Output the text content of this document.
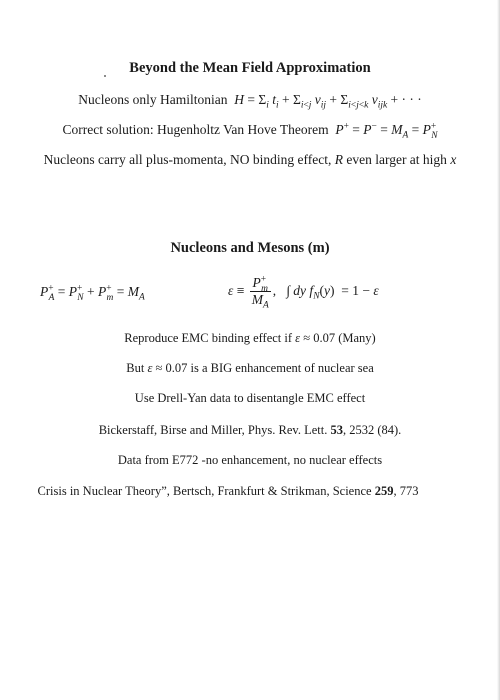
Beyond the Mean Field Approximation
Nucleons only Hamiltonian $H = \Sigma_i$ $t_i + \Sigma_{i<j}$ $v_{ij} + \Sigma_{i<j<k}$ $v_{ijk}$ + · · ·
Correct solution: Hugenholtz Van Hove Theorem $P^+ = P^- = M_A = P^+_N$
Nucleons carry all plus-momenta, NO binding effect, R even larger at high x
Nucleons and Mesons (m)
$P^+_A = P^+_N + P^+_m = M_A$	$\varepsilon \equiv \frac{P^+_m}{M_A}$ ,   ∫ dy $f_N(y) = 1 - \varepsilon$
Reproduce EMC binding effect if ε ≈ 0.07 (Many)
But ε ≈ 0.07 is a BIG enhancement of nuclear sea
Use Drell-Yan data to disentangle EMC effect
Bickerstaff, Birse and Miller, Phys. Rev. Lett. 53, 2532 (84).
Data from E772 -no enhancement, no nuclear effects
Crisis in Nuclear Theory”, Bertsch, Frankfurt & Strikman, Science 259, 773
